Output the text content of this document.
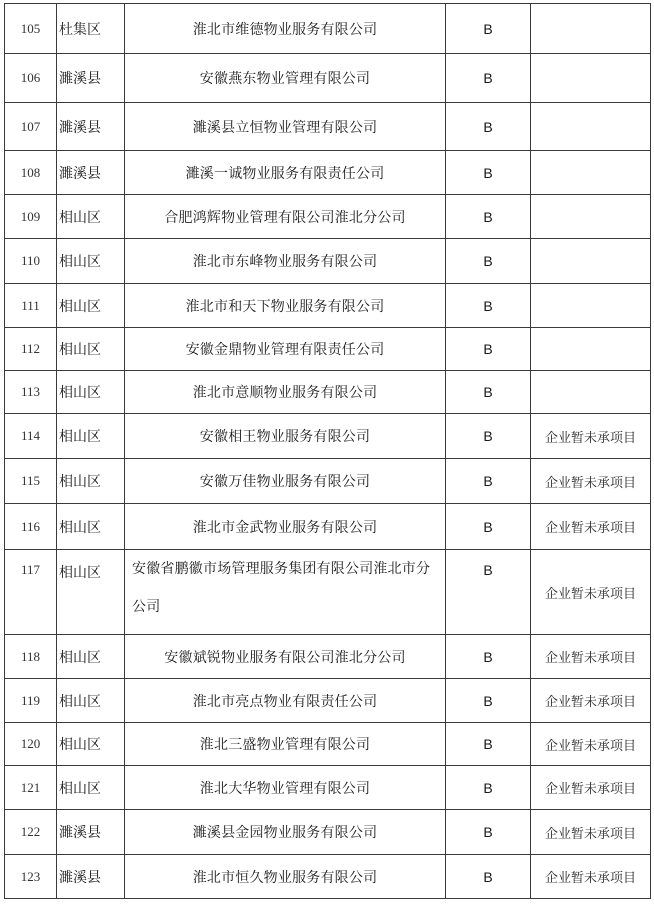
105	杜集区	淮北市维德物业服务有限公司	B	
106	濉溪县	安徽燕东物业管理有限公司	B	
107	濉溪县	濉溪县立恒物业管理有限公司	B	
108	濉溪县	濉溪一诚物业服务有限责任公司	B	
109	相山区	合肥鸿辉物业管理有限公司淮北分公司	B	
110	相山区	淮北市东峰物业服务有限公司	B	
111	相山区	淮北市和天下物业服务有限公司	B	
112	相山区	安徽金鼎物业管理有限责任公司	B	
113	相山区	淮北市意顺物业服务有限公司	B	
114	相山区	安徽相王物业服务有限公司	B	企业暂未承项目
115	相山区	安徽万佳物业服务有限公司	B	企业暂未承项目
116	相山区	淮北市金武物业服务有限公司	B	企业暂未承项目
117	相山区	安徽省鹏徽市场管理服务集团有限公司淮北市分公司	B	企业暂未承项目
118	相山区	安徽斌锐物业服务有限公司淮北分公司	B	企业暂未承项目
119	相山区	淮北市亮点物业有限责任公司	B	企业暂未承项目
120	相山区	淮北三盛物业管理有限公司	B	企业暂未承项目
121	相山区	淮北大华物业管理有限公司	B	企业暂未承项目
122	濉溪县	濉溪县金园物业服务有限公司	B	企业暂未承项目
123	濉溪县	淮北市恒久物业服务有限公司	B	企业暂未承项目
